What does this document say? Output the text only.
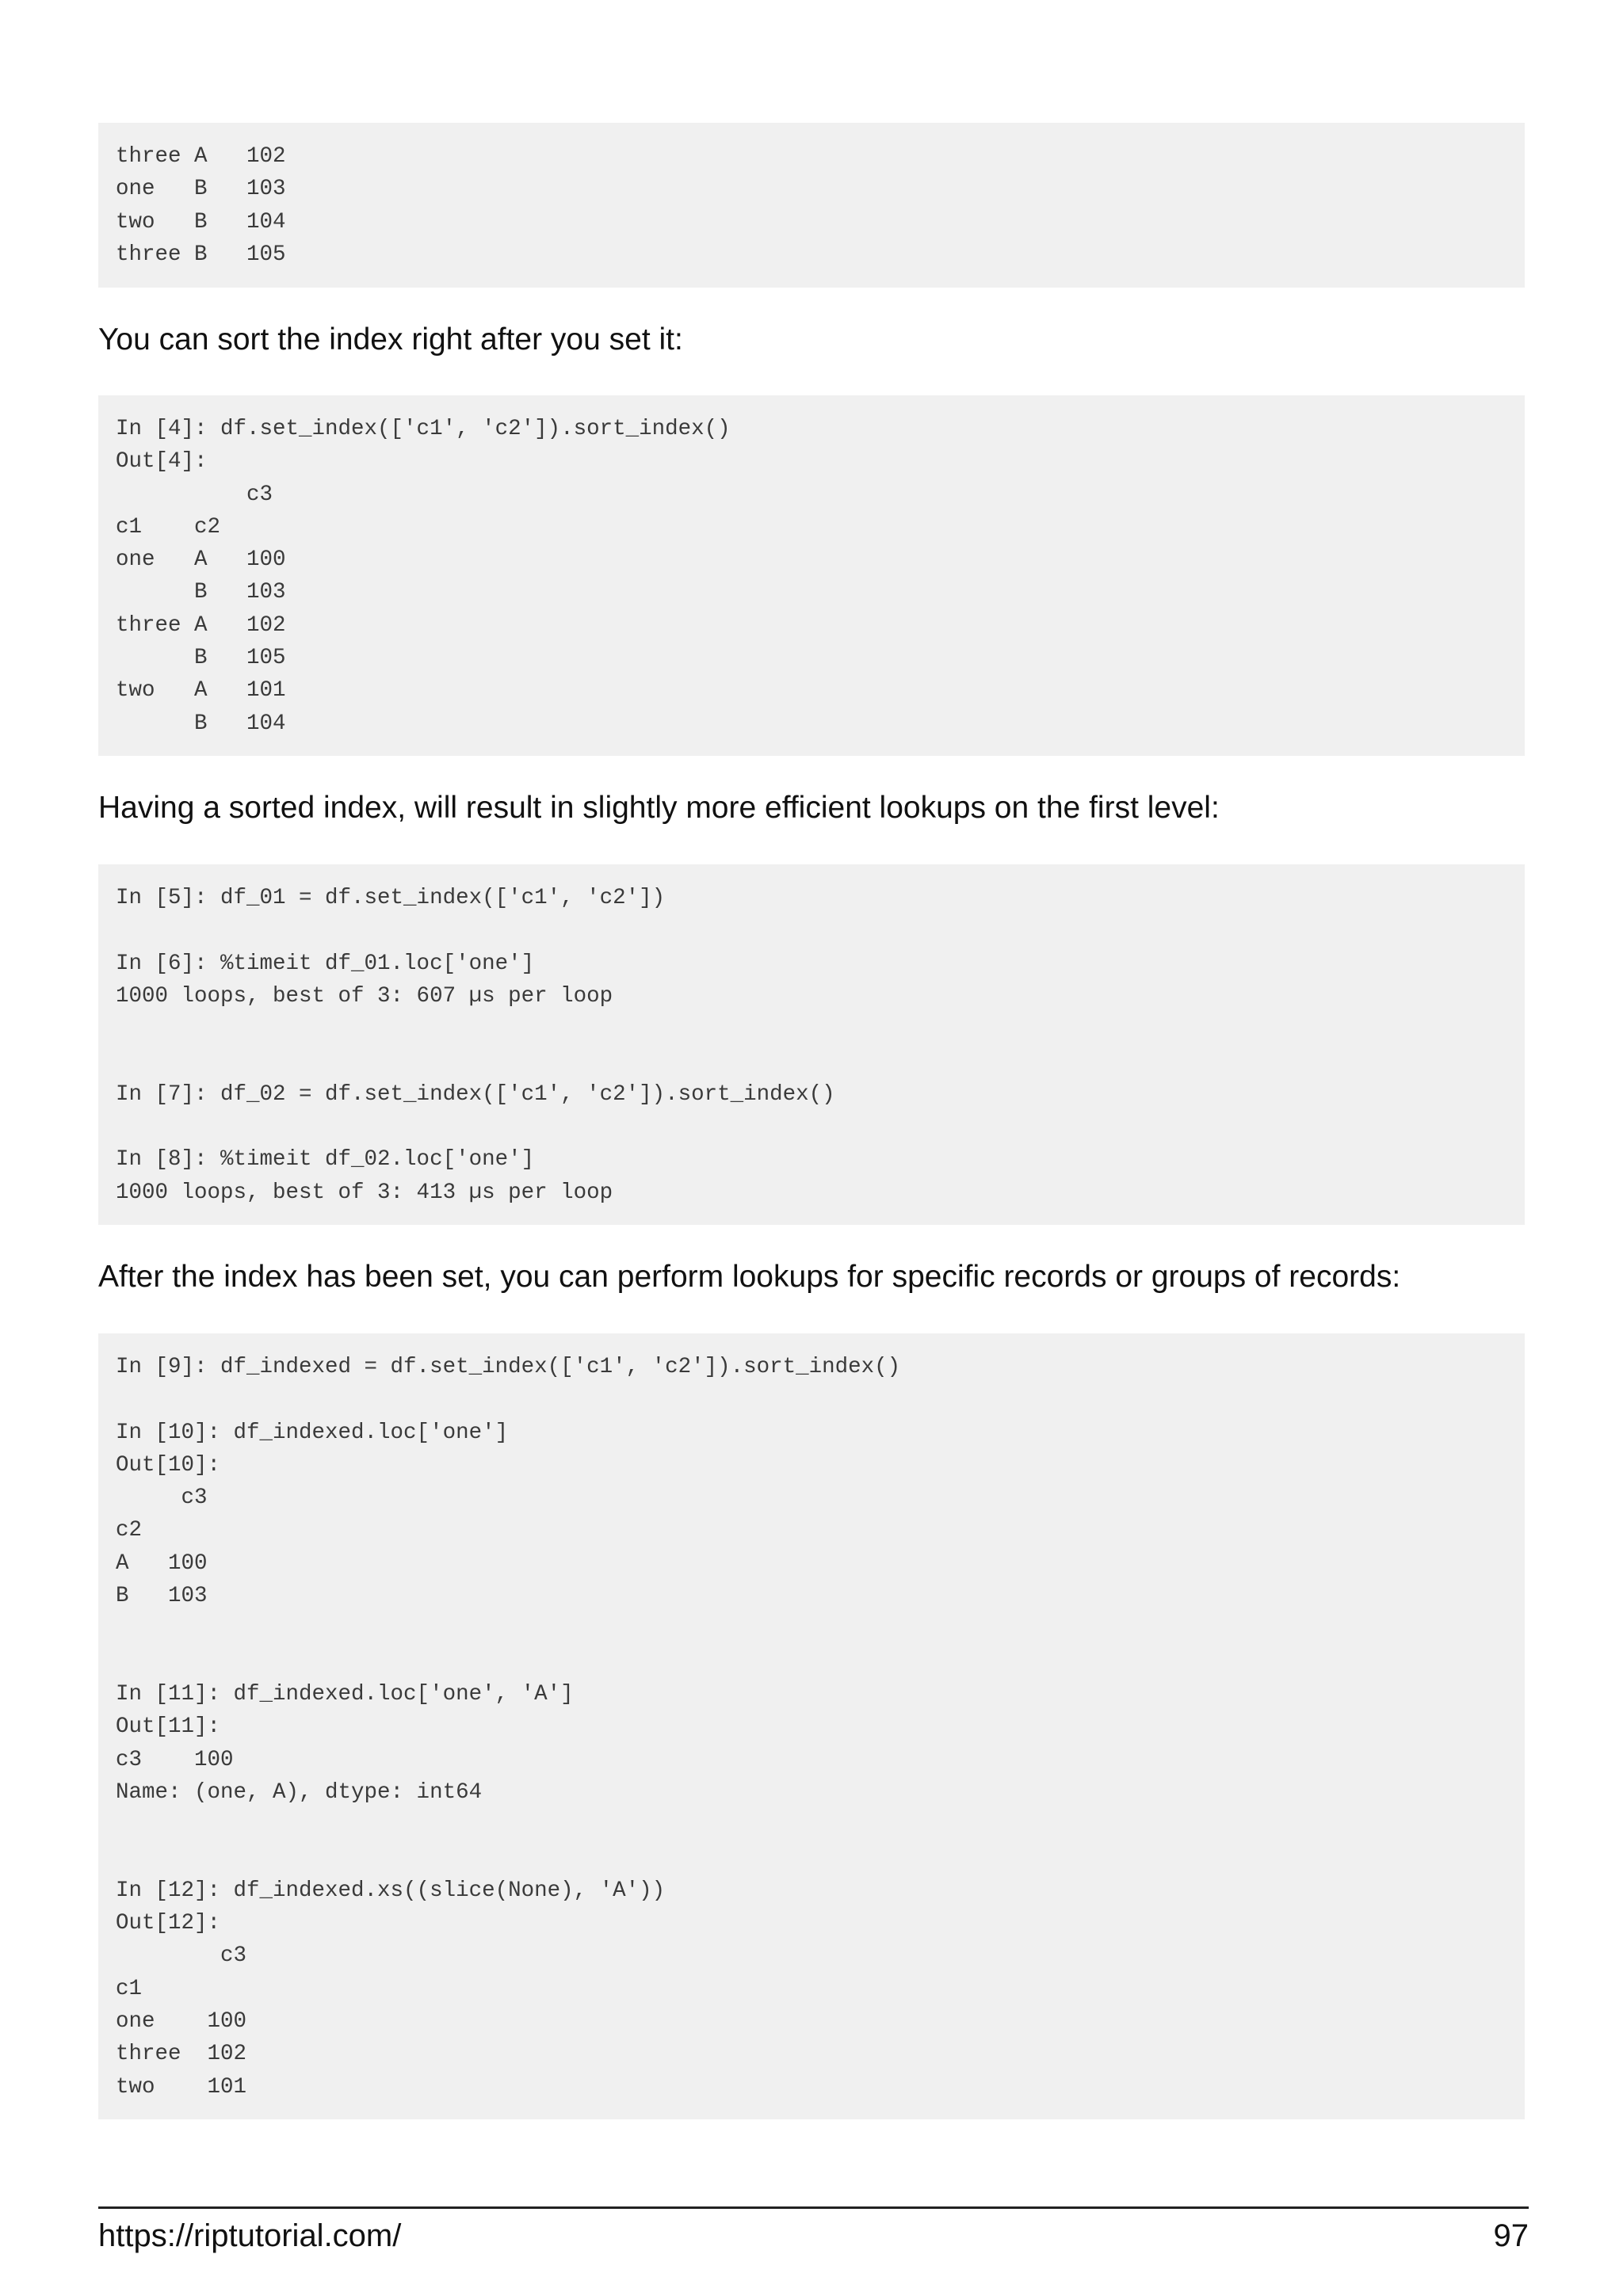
three A   102
one   B   103
two   B   104
three B   105

You can sort the index right after you set it:

In [4]: df.set_index(['c1', 'c2']).sort_index()
Out[4]:
c3
c1    c2
one   A   100
B   103
three A   102
B   105
two   A   101
B   104

Having a sorted index, will result in slightly more efficient lookups on the first level:

In [5]: df_01 = df.set_index(['c1', 'c2'])

In [6]: %timeit df_01.loc['one']
1000 loops, best of 3: 607 µs per loop

In [7]: df_02 = df.set_index(['c1', 'c2']).sort_index()

In [8]: %timeit df_02.loc['one']
1000 loops, best of 3: 413 µs per loop

After the index has been set, you can perform lookups for specific records or groups of records:

In [9]: df_indexed = df.set_index(['c1', 'c2']).sort_index()

In [10]: df_indexed.loc['one']
Out[10]:
c3
c2
A   100
B   103

In [11]: df_indexed.loc['one', 'A']
Out[11]:
c3    100
Name: (one, A), dtype: int64

In [12]: df_indexed.xs((slice(None), 'A'))
Out[12]:
c3
c1
one    100
three  102
two    101
https://riptutorial.com/	97
